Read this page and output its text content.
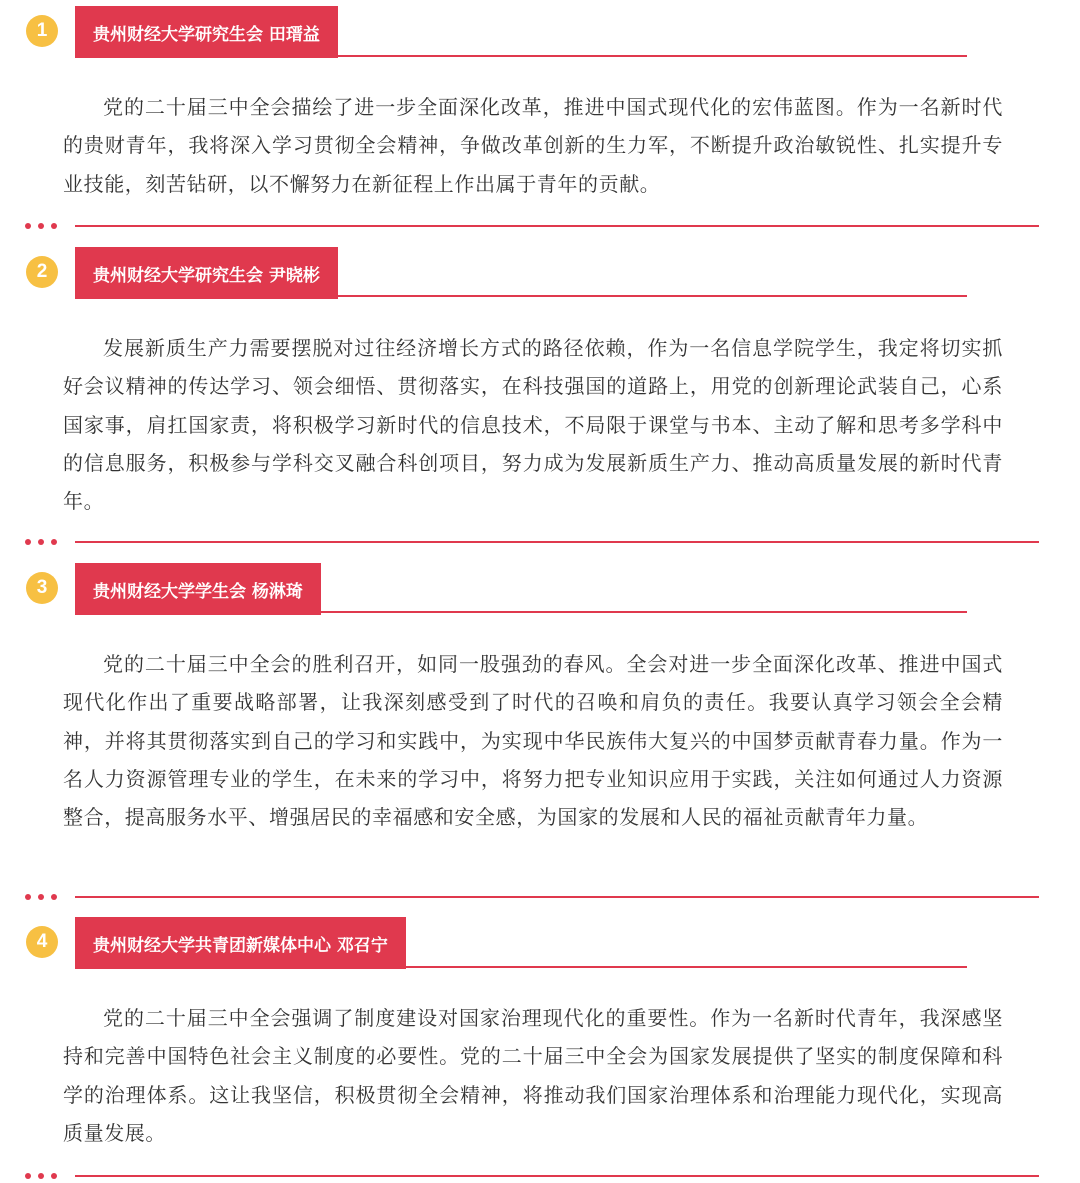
1	贵州财经大学研究生会 田瑨益

党的二十届三中全会描绘了进一步全面深化改革，推进中国式现代化的宏伟蓝图。作为一名新时代的贵财青年，我将深入学习贯彻全会精神，争做改革创新的生力军，不断提升政治敏锐性、扎实提升专业技能，刻苦钻研，以不懈努力在新征程上作出属于青年的贡献。

2	贵州财经大学研究生会 尹晓彬

发展新质生产力需要摆脱对过往经济增长方式的路径依赖，作为一名信息学院学生，我定将切实抓好会议精神的传达学习、领会细悟、贯彻落实，在科技强国的道路上，用党的创新理论武装自己，心系国家事，肩扛国家责，将积极学习新时代的信息技术，不局限于课堂与书本、主动了解和思考多学科中的信息服务，积极参与学科交叉融合科创项目，努力成为发展新质生产力、推动高质量发展的新时代青年。

3	贵州财经大学学生会 杨淋琦

党的二十届三中全会的胜利召开，如同一股强劲的春风。全会对进一步全面深化改革、推进中国式现代化作出了重要战略部署，让我深刻感受到了时代的召唤和肩负的责任。我要认真学习领会全会精神，并将其贯彻落实到自己的学习和实践中，为实现中华民族伟大复兴的中国梦贡献青春力量。作为一名人力资源管理专业的学生，在未来的学习中，将努力把专业知识应用于实践，关注如何通过人力资源整合，提高服务水平、增强居民的幸福感和安全感，为国家的发展和人民的福祉贡献青年力量。

4	贵州财经大学共青团新媒体中心 邓召宁

党的二十届三中全会强调了制度建设对国家治理现代化的重要性。作为一名新时代青年，我深感坚持和完善中国特色社会主义制度的必要性。党的二十届三中全会为国家发展提供了坚实的制度保障和科学的治理体系。这让我坚信，积极贯彻全会精神，将推动我们国家治理体系和治理能力现代化，实现高质量发展。
